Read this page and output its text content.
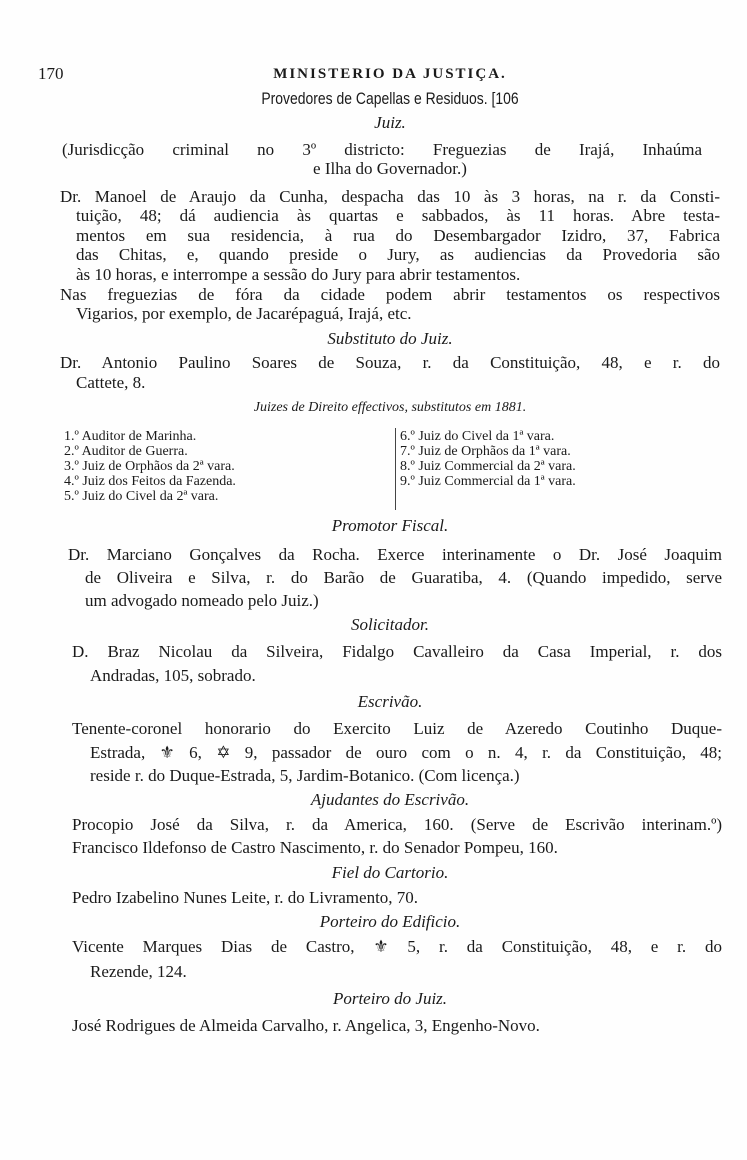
170	MINISTERIO DA JUSTIÇA.
Provedores de Capellas e Residuos. [106
Juiz.
(Jurisdicção criminal no 3º districto: Freguezias de Irajá, Inhaúma
e Ilha do Governador.)
Dr. Manoel de Araujo da Cunha, despacha das 10 às 3 horas, na r. da Consti-
tuição, 48; dá audiencia às quartas e sabbados, às 11 horas. Abre testa-
mentos em sua residencia, à rua do Desembargador Izidro, 37, Fabrica
das Chitas, e, quando preside o Jury, as audiencias da Provedoria são
às 10 horas, e interrompe a sessão do Jury para abrir testamentos.
Nas freguezias de fóra da cidade podem abrir testamentos os respectivos
Vigarios, por exemplo, de Jacarépaguá, Irajá, etc.
Substituto do Juiz.
Dr. Antonio Paulino Soares de Souza, r. da Constituição, 48, e r. do
Cattete, 8.
Juizes de Direito effectivos, substitutos em 1881.
1.º Auditor de Marinha.
2.º Auditor de Guerra.
3.º Juiz de Orphãos da 2ª vara.
4.º Juiz dos Feitos da Fazenda.
5.º Juiz do Civel da 2ª vara.
6.º Juiz do Civel da 1ª vara.
7.º Juiz de Orphãos da 1ª vara.
8.º Juiz Commercial da 2ª vara.
9.º Juiz Commercial da 1ª vara.
Promotor Fiscal.
Dr. Marciano Gonçalves da Rocha. Exerce interinamente o Dr. José Joaquim
de Oliveira e Silva, r. do Barão de Guaratiba, 4. (Quando impedido, serve
um advogado nomeado pelo Juiz.)
Solicitador.
D. Braz Nicolau da Silveira, Fidalgo Cavalleiro da Casa Imperial, r. dos
Andradas, 105, sobrado.
Escrivão.
Tenente-coronel honorario do Exercito Luiz de Azeredo Coutinho Duque-
Estrada, ⚜ 6, ✡ 9, passador de ouro com o n. 4, r. da Constituição, 48;
reside r. do Duque-Estrada, 5, Jardim-Botanico. (Com licença.)
Ajudantes do Escrivão.
Procopio José da Silva, r. da America, 160. (Serve de Escrivão interinam.º)
Francisco Ildefonso de Castro Nascimento, r. do Senador Pompeu, 160.
Fiel do Cartorio.
Pedro Izabelino Nunes Leite, r. do Livramento, 70.
Porteiro do Edificio.
Vicente Marques Dias de Castro, ⚜ 5, r. da Constituição, 48, e r. do
Rezende, 124.
Porteiro do Juiz.
José Rodrigues de Almeida Carvalho, r. Angelica, 3, Engenho-Novo.
